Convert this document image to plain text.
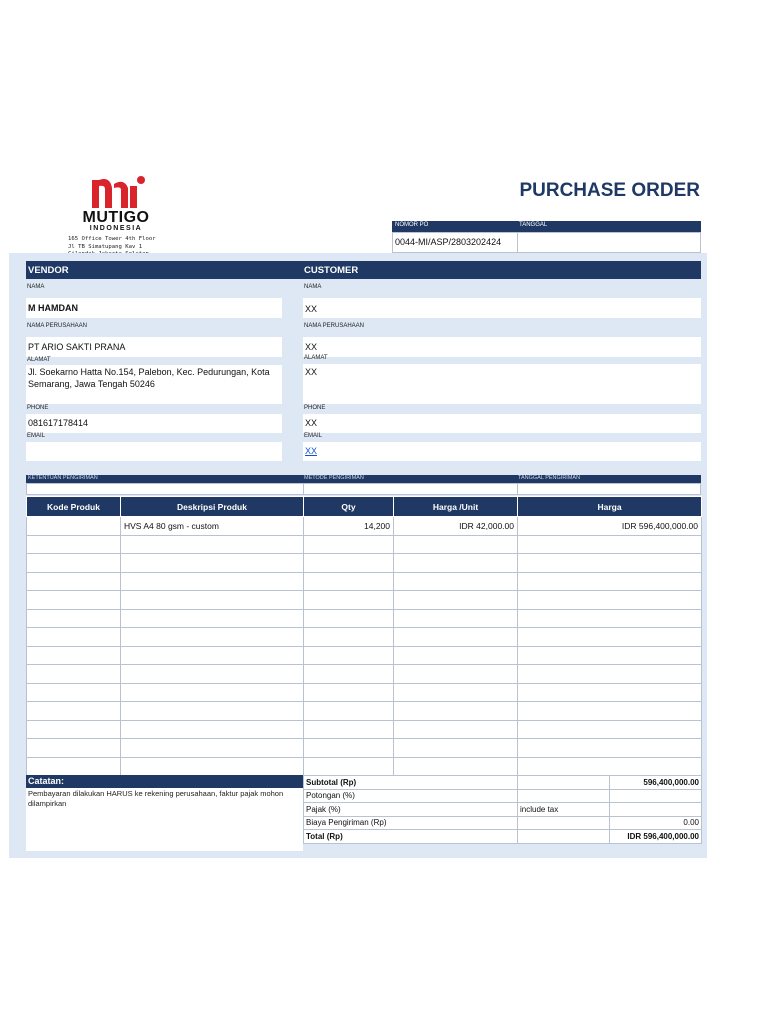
MUTIGO
INDONESIA
165 Office Tower 4th Floor
Jl TB Simatupang Kav 1
PURCHASE ORDER
NOMOR PO	TANGGAL
0044-MI/ASP/2803202424
VENDOR	CUSTOMER
NAMA
M HAMDAN
NAMA PERUSAHAAN
PT ARIO SAKTI PRANA
ALAMAT
Jl. Soekarno Hatta No.154, Palebon, Kec. Pedurungan, Kota
Semarang, Jawa Tengah 50246
PHONE
081617178414
EMAIL
NAMA
XX
NAMA PERUSAHAAN
XX
ALAMAT
XX
PHONE
XX
EMAIL
XX
KETENTUAN PENGIRIMAN	METODE PENGIRIMAN	TANGGAL PENGIRIMAN
Kode Produk	Deskripsi Produk	Qty	Harga /Unit	Harga
	HVS A4 80 gsm - custom	14,200	IDR 42,000.00	IDR 596,400,000.00

Catatan:
Pembayaran dilakukan HARUS ke rekening perusahaan, faktur pajak mohon dilampirkan
Subtotal (Rp)		596,400,000.00
Potongan (%)		
Pajak (%)	include tax	
Biaya Pengiriman (Rp)		0.00
Total (Rp)		IDR 596,400,000.00
